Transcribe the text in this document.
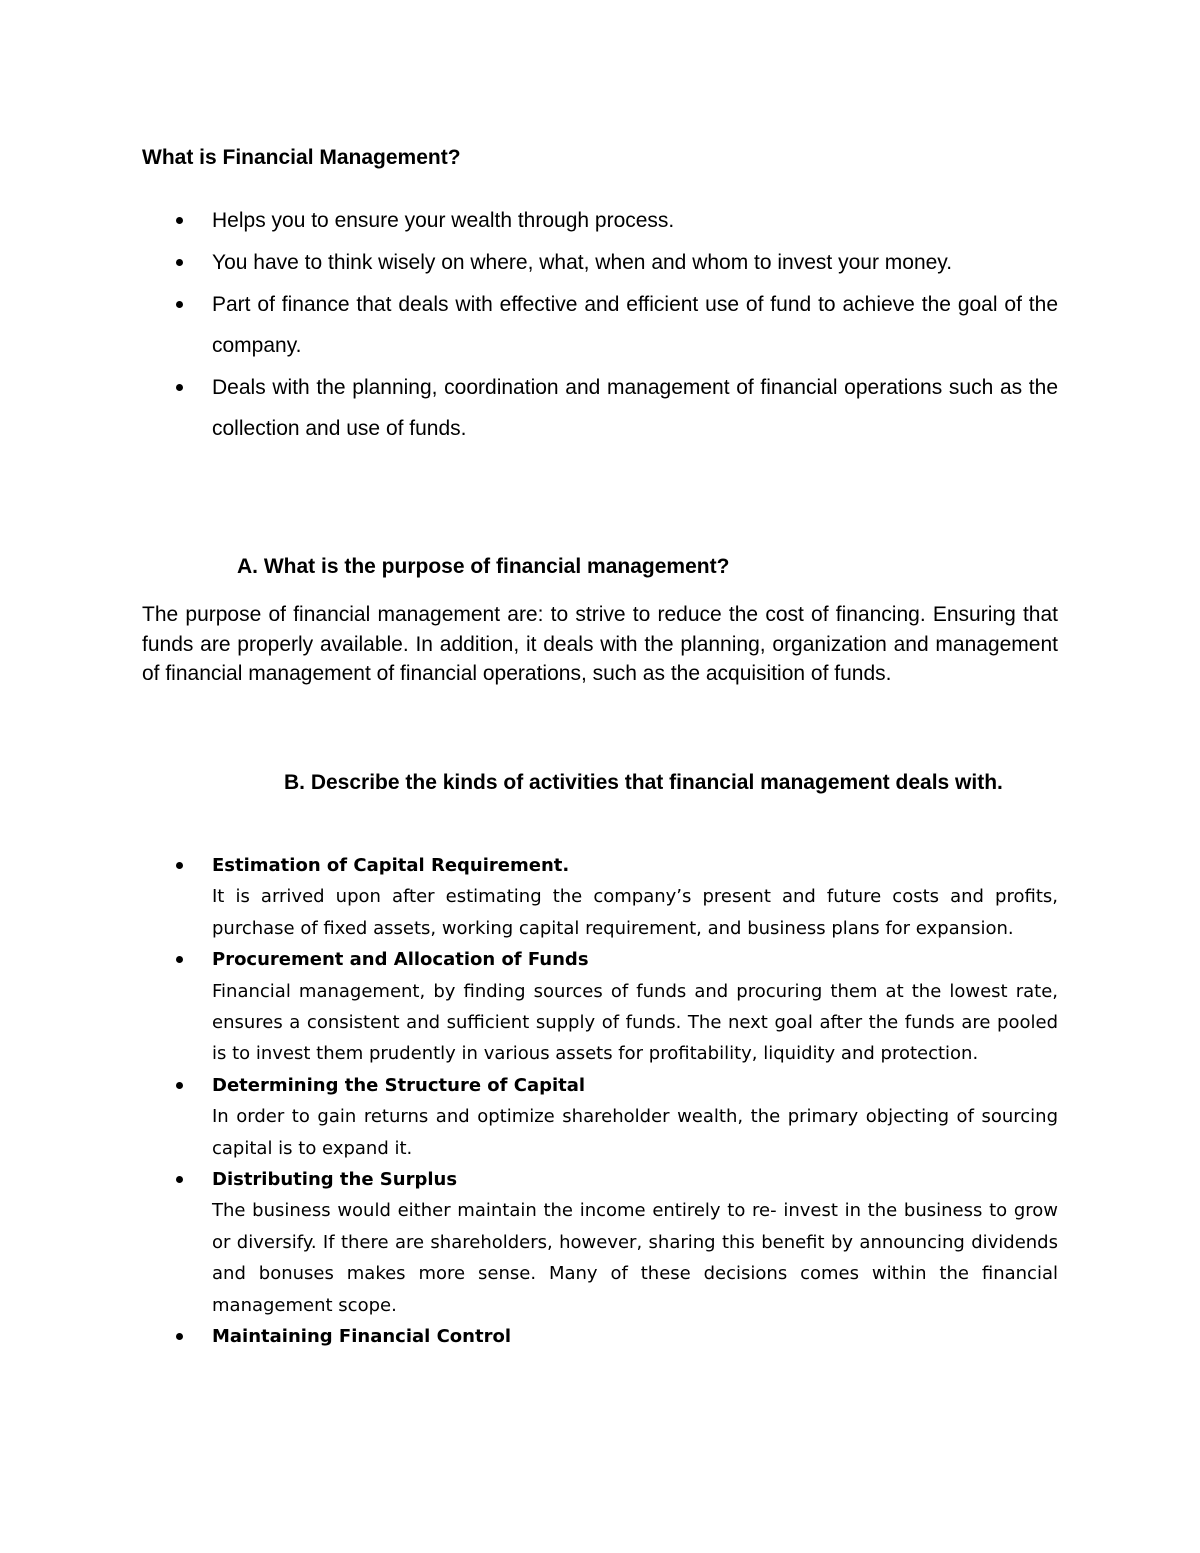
What is Financial Management?
Helps you to ensure your wealth through process.
You have to think wisely on where, what, when and whom to invest your money.
Part of finance that deals with effective and efficient use of fund to achieve the goal of the company.
Deals with the planning, coordination and management of financial operations such as the collection and use of funds.
A. What is the purpose of financial management?

The purpose of financial management are: to strive to reduce the cost of financing. Ensuring that funds are properly available. In addition, it deals with the planning, organization and management of financial management of financial operations, such as the acquisition of funds.

B. Describe the kinds of activities that financial management deals with.
Estimation of Capital Requirement.
It is arrived upon after estimating the company’s present and future costs and profits, purchase of fixed assets, working capital requirement, and business plans for expansion.
Procurement and Allocation of Funds
Financial management, by finding sources of funds and procuring them at the lowest rate, ensures a consistent and sufficient supply of funds. The next goal after the funds are pooled is to invest them prudently in various assets for profitability, liquidity and protection.
Determining the Structure of Capital
In order to gain returns and optimize shareholder wealth, the primary objecting of sourcing capital is to expand it.
Distributing the Surplus
The business would either maintain the income entirely to re- invest in the business to grow or diversify. If there are shareholders, however, sharing this benefit by announcing dividends and bonuses makes more sense. Many of these decisions comes within the financial management scope.
Maintaining Financial Control
